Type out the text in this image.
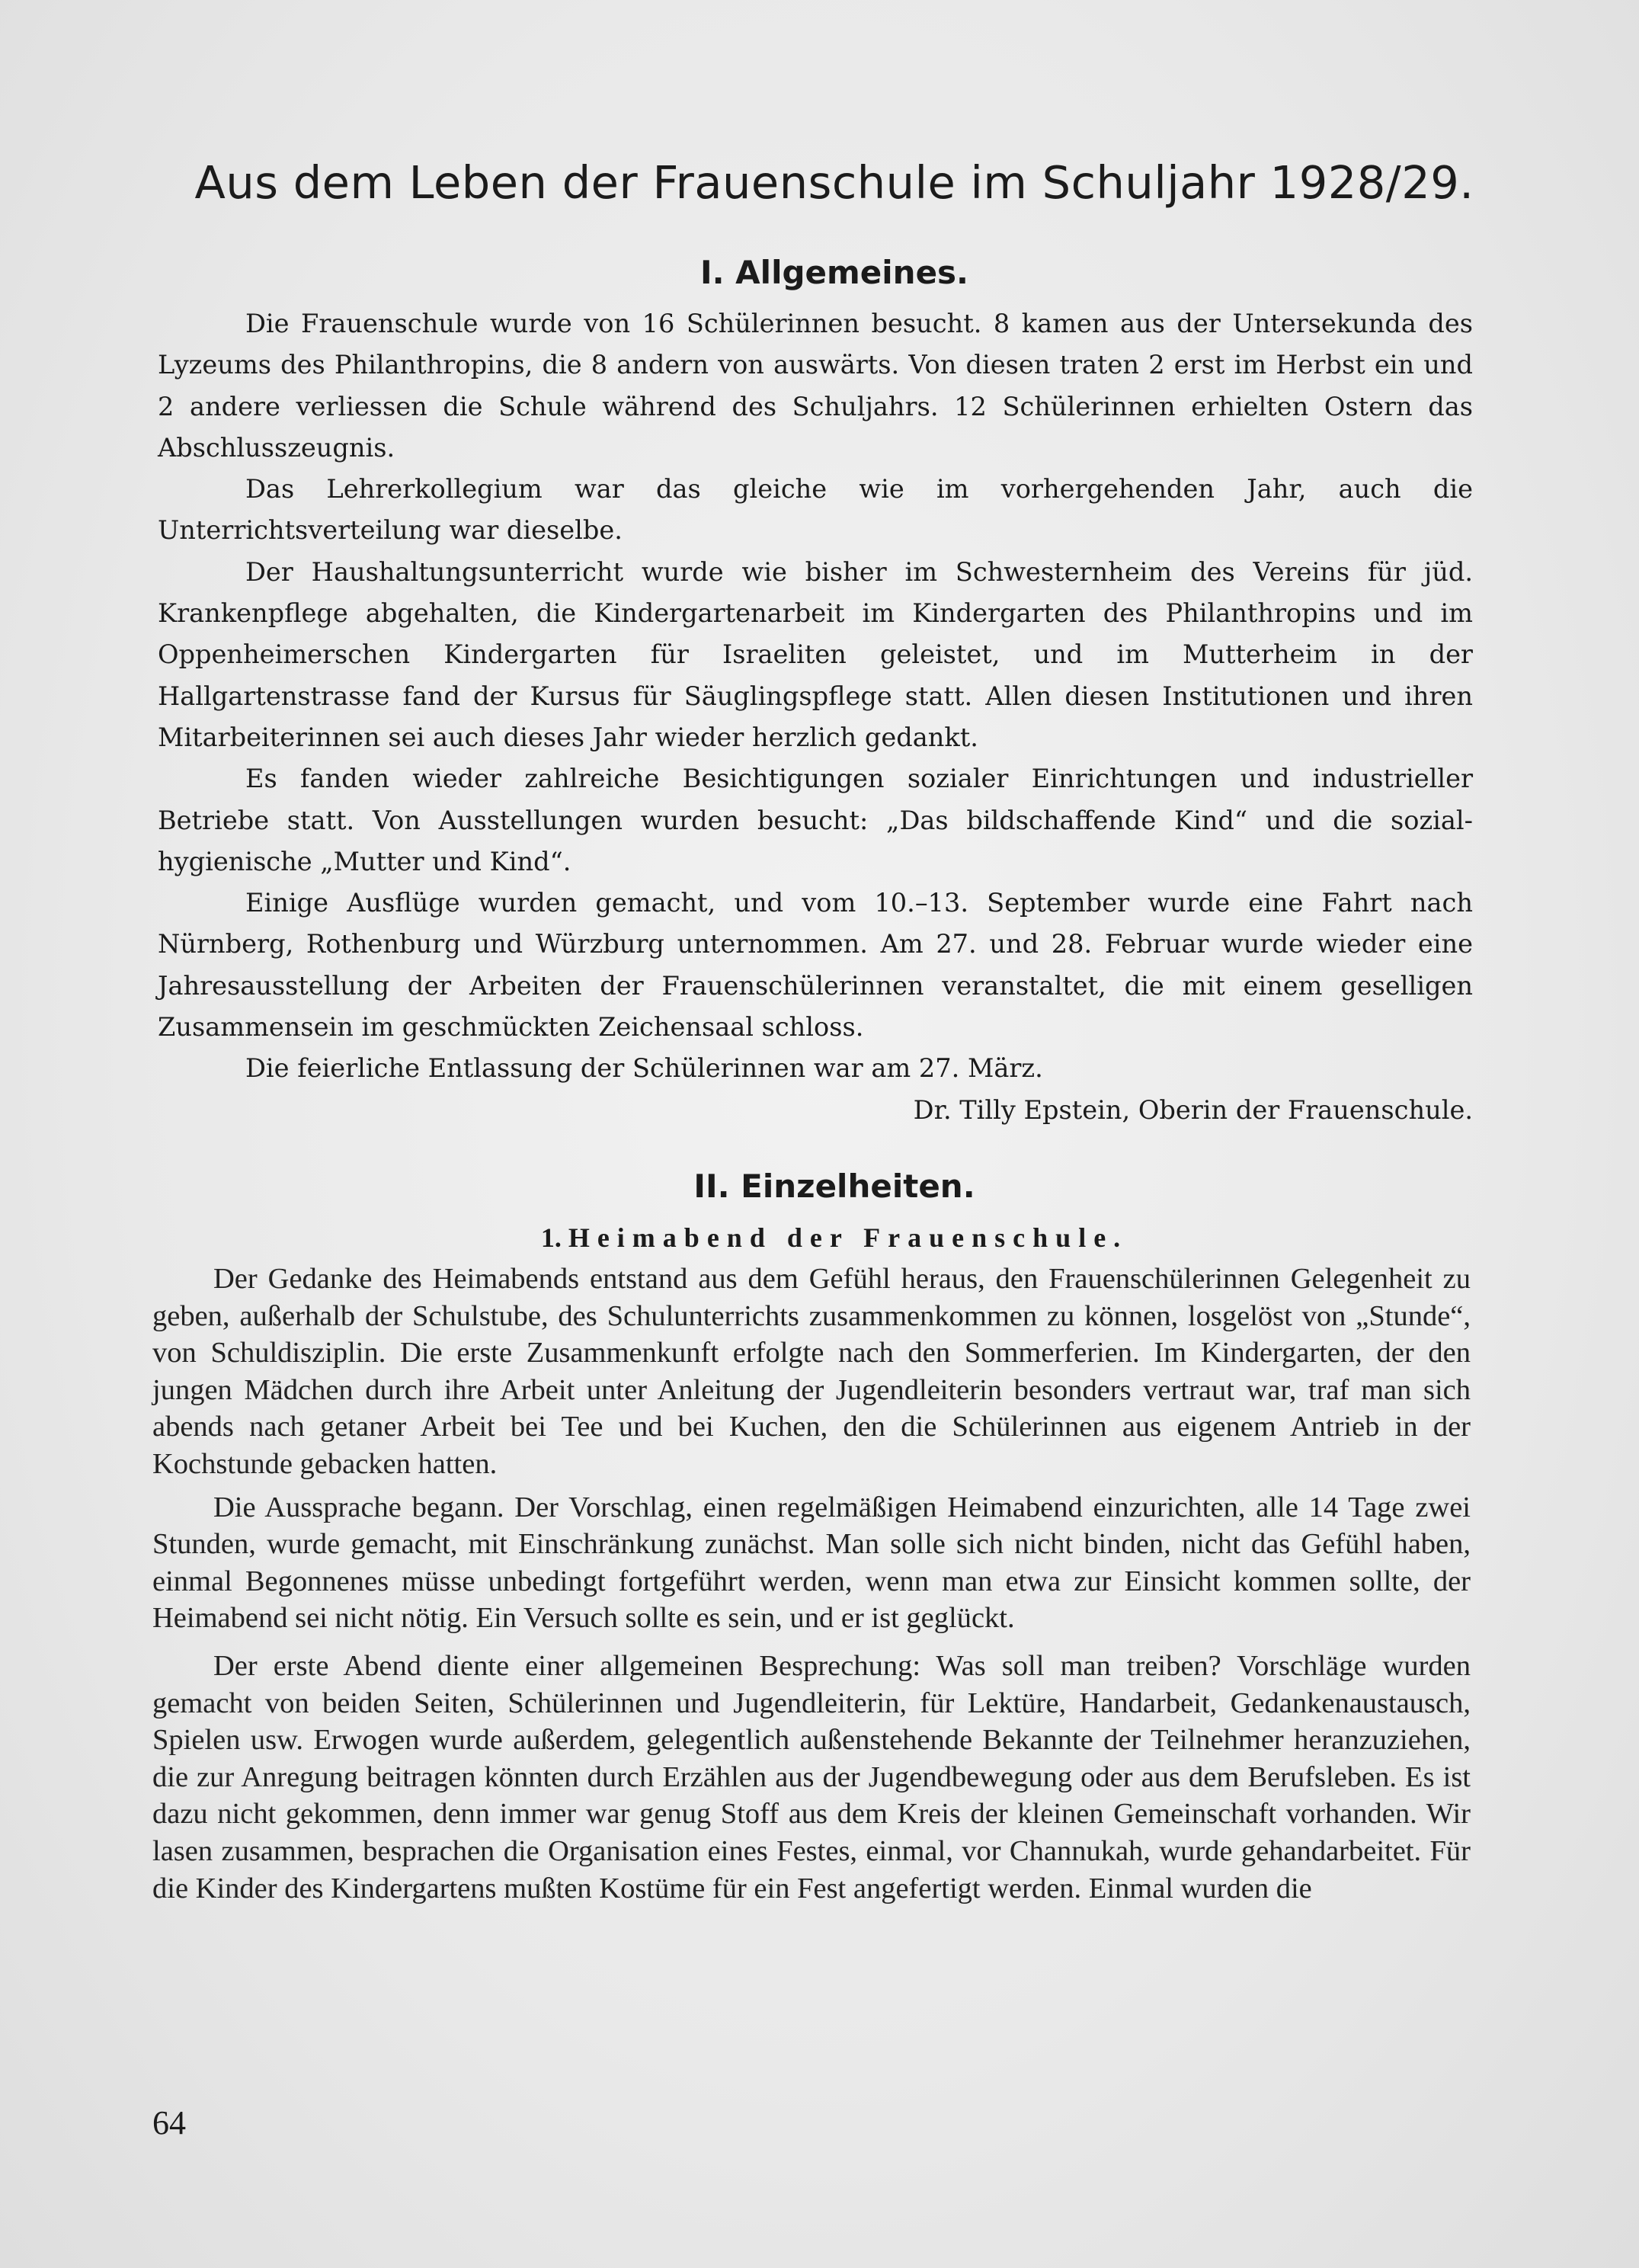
Aus dem Leben der Frauenschule im Schuljahr 1928/29.
I. Allgemeines.

Die Frauenschule wurde von 16 Schülerinnen besucht. 8 kamen aus der Untersekunda des Lyzeums des Philanthropins, die 8 andern von auswärts. Von diesen traten 2 erst im Herbst ein und 2 andere verliessen die Schule während des Schuljahrs. 12 Schülerinnen erhielten Ostern das Abschlusszeugnis.

Das Lehrerkollegium war das gleiche wie im vorhergehenden Jahr, auch die Unterrichtsverteilung war dieselbe.

Der Haushaltungsunterricht wurde wie bisher im Schwesternheim des Vereins für jüd. Krankenpflege abgehalten, die Kindergartenarbeit im Kindergarten des Philanthropins und im Oppenheimerschen Kindergarten für Israeliten geleistet, und im Mutterheim in der Hallgartenstrasse fand der Kursus für Säuglingspflege statt. Allen diesen Institutionen und ihren Mitarbeiterinnen sei auch dieses Jahr wieder herzlich gedankt.

Es fanden wieder zahlreiche Besichtigungen sozialer Einrichtungen und industrieller Betriebe statt. Von Ausstellungen wurden besucht: „Das bildschaffende Kind“ und die sozial-hygienische „Mutter und Kind“.

Einige Ausflüge wurden gemacht, und vom 10.–13. September wurde eine Fahrt nach Nürnberg, Rothenburg und Würzburg unternommen. Am 27. und 28. Februar wurde wieder eine Jahresausstellung der Arbeiten der Frauenschülerinnen veranstaltet, die mit einem geselligen Zusammensein im geschmückten Zeichensaal schloss.

Die feierliche Entlassung der Schülerinnen war am 27. März.

Dr. Tilly Epstein, Oberin der Frauenschule.

II. Einzelheiten.
1. Heimabend der Frauenschule.

Der Gedanke des Heimabends entstand aus dem Gefühl heraus, den Frauenschülerinnen Gelegenheit zu geben, außerhalb der Schulstube, des Schulunterrichts zusammenkommen zu können, losgelöst von „Stunde“, von Schuldisziplin. Die erste Zusammenkunft erfolgte nach den Sommerferien. Im Kindergarten, der den jungen Mädchen durch ihre Arbeit unter Anleitung der Jugendleiterin besonders vertraut war, traf man sich abends nach getaner Arbeit bei Tee und bei Kuchen, den die Schülerinnen aus eigenem Antrieb in der Kochstunde gebacken hatten.

Die Aussprache begann. Der Vorschlag, einen regelmäßigen Heimabend einzurichten, alle 14 Tage zwei Stunden, wurde gemacht, mit Einschränkung zunächst. Man solle sich nicht binden, nicht das Gefühl haben, einmal Begonnenes müsse unbedingt fortgeführt werden, wenn man etwa zur Einsicht kommen sollte, der Heimabend sei nicht nötig. Ein Versuch sollte es sein, und er ist geglückt.

Der erste Abend diente einer allgemeinen Besprechung: Was soll man treiben? Vorschläge wurden gemacht von beiden Seiten, Schülerinnen und Jugendleiterin, für Lektüre, Handarbeit, Gedankenaustausch, Spielen usw. Erwogen wurde außerdem, gelegentlich außenstehende Bekannte der Teilnehmer heranzuziehen, die zur Anregung beitragen könnten durch Erzählen aus der Jugendbewegung oder aus dem Berufsleben. Es ist dazu nicht gekommen, denn immer war genug Stoff aus dem Kreis der kleinen Gemeinschaft vorhanden. Wir lasen zusammen, besprachen die Organisation eines Festes, einmal, vor Channukah, wurde gehandarbeitet. Für die Kinder des Kindergartens mußten Kostüme für ein Fest angefertigt werden. Einmal wurden die

64
